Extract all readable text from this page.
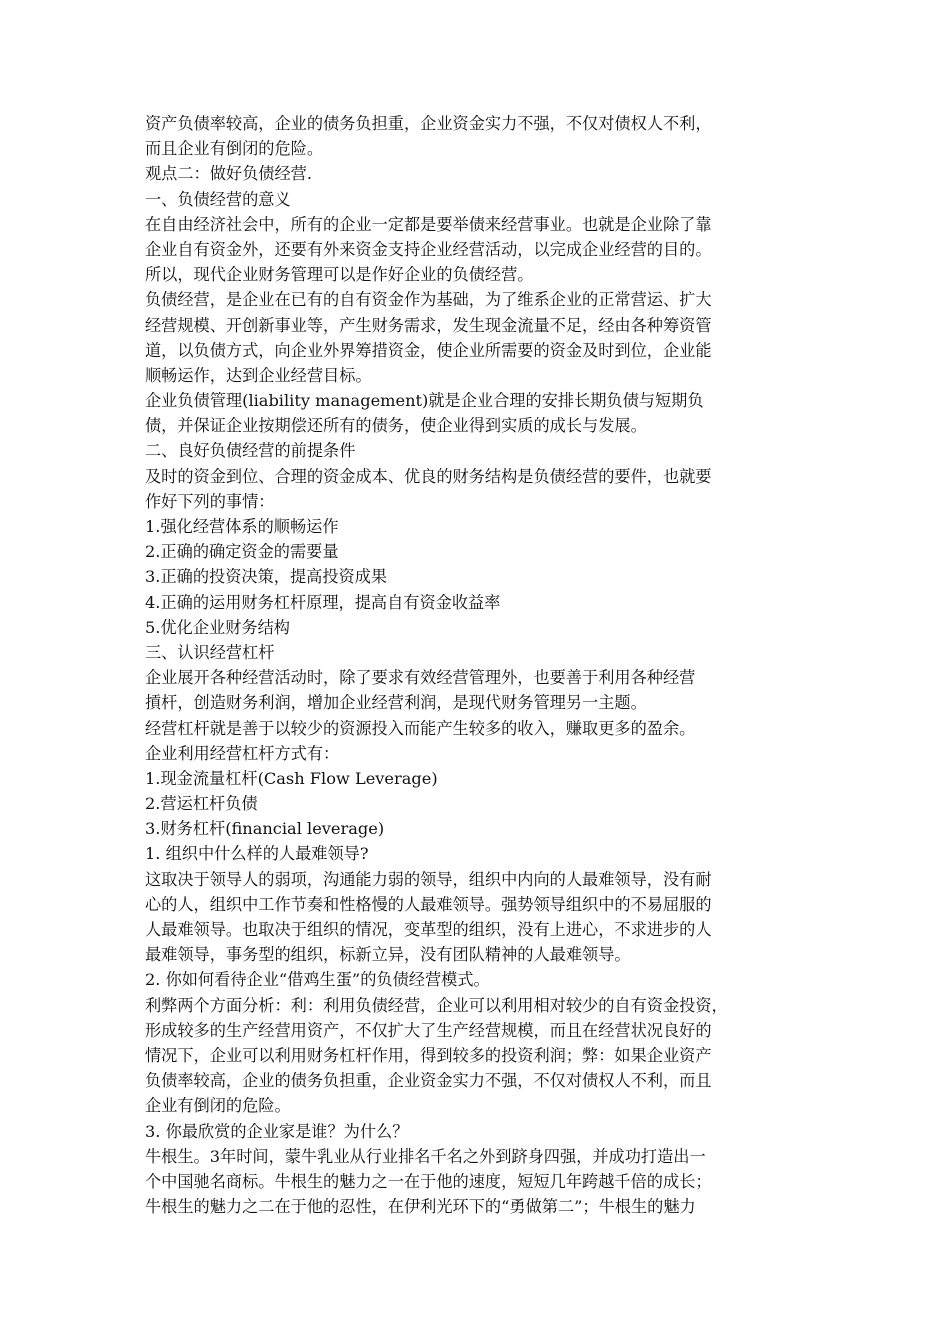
资产负债率较高，企业的债务负担重，企业资金实力不强，不仅对债权人不利，
而且企业有倒闭的危险。
观点二：做好负债经营.
一、负债经营的意义
在自由经济社会中，所有的企业一定都是要举债来经营事业。也就是企业除了靠
企业自有资金外，还要有外来资金支持企业经营活动，以完成企业经营的目的。
所以，现代企业财务管理可以是作好企业的负债经营。
负债经营，是企业在已有的自有资金作为基础，为了维系企业的正常营运、扩大
经营规模、开创新事业等，产生财务需求，发生现金流量不足，经由各种筹资管
道，以负债方式，向企业外界筹措资金，使企业所需要的资金及时到位，企业能
顺畅运作，达到企业经营目标。
企业负债管理(liability management)就是企业合理的安排长期负债与短期负
债，并保证企业按期偿还所有的债务，使企业得到实质的成长与发展。
二、良好负债经营的前提条件
及时的资金到位、合理的资金成本、优良的财务结构是负债经营的要件，也就要
作好下列的事情：
1.强化经营体系的顺畅运作
2.正确的确定资金的需要量
3.正确的投资决策，提高投资成果
4.正确的运用财务杠杆原理，提高自有资金收益率
5.优化企业财务结构
三、认识经营杠杆
企业展开各种经营活动时，除了要求有效经营管理外，也要善于利用各种经营
摃杆，创造财务利润，增加企业经营利润，是现代财务管理另一主题。
经营杠杆就是善于以较少的资源投入而能产生较多的收入，赚取更多的盈余。
企业利用经营杠杆方式有：
1.现金流量杠杆(Cash Flow Leverage)
2.营运杠杆负债
3.财务杠杆(financial leverage)
1. 组织中什么样的人最难领导?
这取决于领导人的弱项，沟通能力弱的领导，组织中内向的人最难领导，没有耐
心的人，组织中工作节奏和性格慢的人最难领导。强势领导组织中的不易屈服的
人最难领导。也取决于组织的情况，变革型的组织，没有上进心，不求进步的人
最难领导，事务型的组织，标新立异，没有团队精神的人最难领导。
2. 你如何看待企业“借鸡生蛋”的负债经营模式。
利弊两个方面分析：利：利用负债经营，企业可以利用相对较少的自有资金投资，
形成较多的生产经营用资产，不仅扩大了生产经营规模，而且在经营状况良好的
情况下，企业可以利用财务杠杆作用，得到较多的投资利润；弊：如果企业资产
负债率较高，企业的债务负担重，企业资金实力不强，不仅对债权人不利，而且
企业有倒闭的危险。
3. 你最欣赏的企业家是谁？为什么？
牛根生。3年时间，蒙牛乳业从行业排名千名之外到跻身四强，并成功打造出一
个中国驰名商标。牛根生的魅力之一在于他的速度，短短几年跨越千倍的成长；
牛根生的魅力之二在于他的忍性，在伊利光环下的“勇做第二”；牛根生的魅力
